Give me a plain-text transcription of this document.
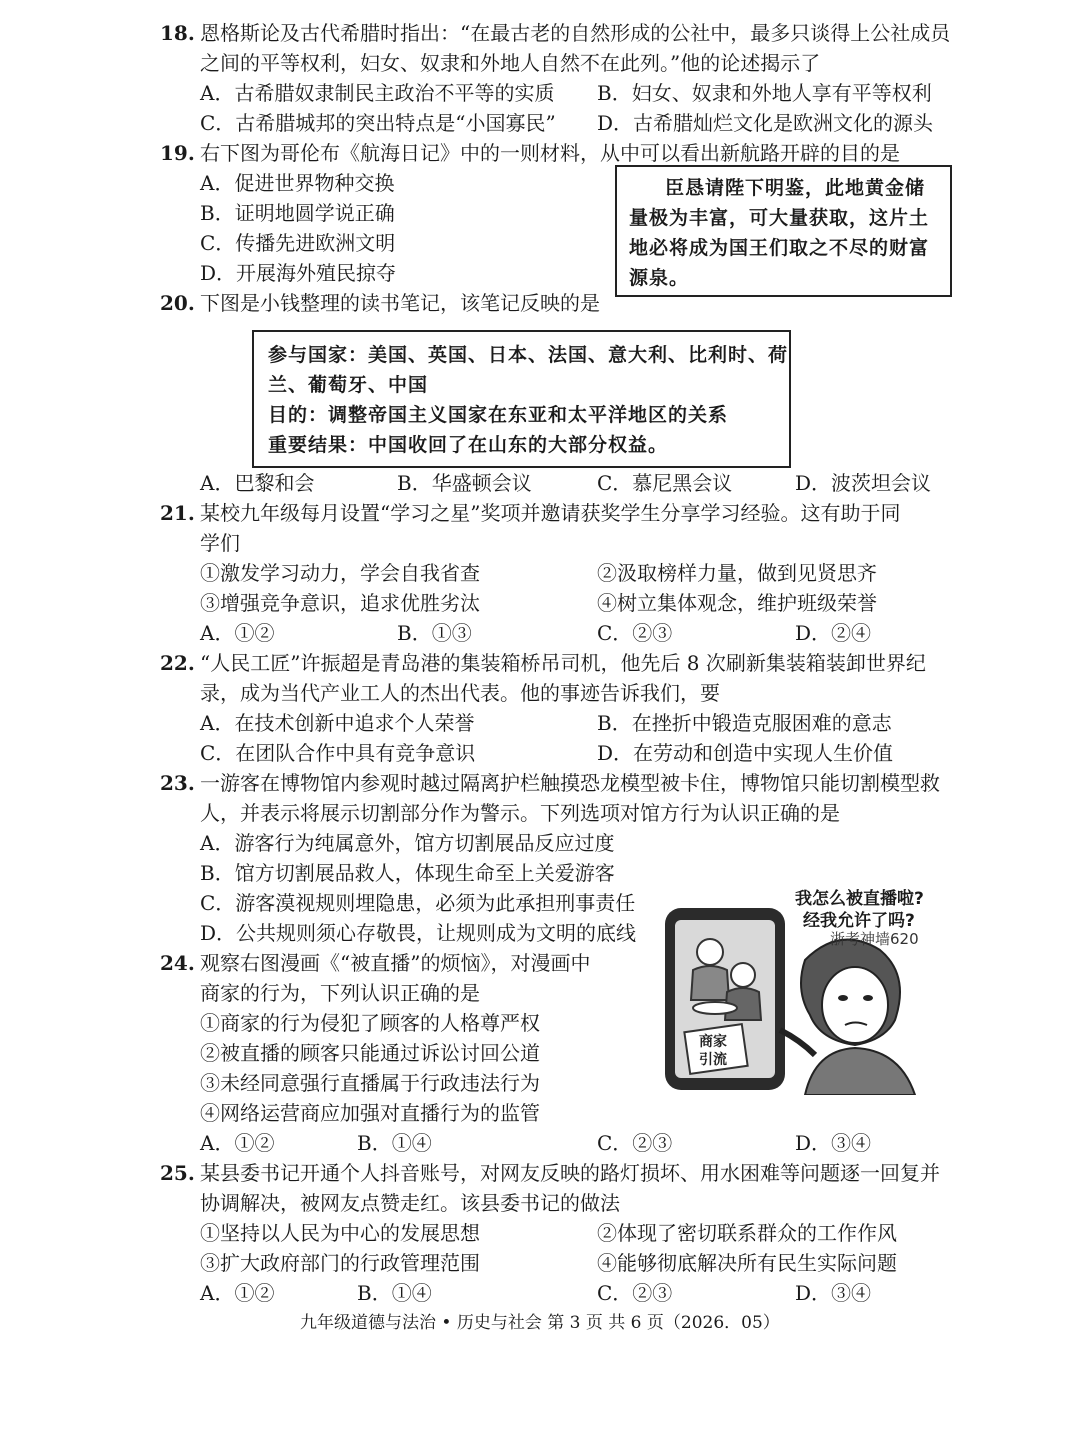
18. 恩格斯论及古代希腊时指出：“在最古老的自然形成的公社中，最多只谈得上公社成员
之间的平等权利，妇女、奴隶和外地人自然不在此列。”他的论述揭示了
A．古希腊奴隶制民主政治不平等的实质 B．妇女、奴隶和外地人享有平等权利
C．古希腊城邦的突出特点是“小国寡民” D．古希腊灿烂文化是欧洲文化的源头
19. 右下图为哥伦布《航海日记》中的一则材料，从中可以看出新航路开辟的目的是
A．促进世界物种交换
B．证明地圆学说正确
C．传播先进欧洲文明
D．开展海外殖民掠夺
臣恳请陛下明鉴，此地黄金储
量极为丰富，可大量获取，这片土
地必将成为国王们取之不尽的财富
源泉。
20. 下图是小钱整理的读书笔记，该笔记反映的是
参与国家：美国、英国、日本、法国、意大利、比利时、荷
兰、葡萄牙、中国
目的：调整帝国主义国家在东亚和太平洋地区的关系
重要结果：中国收回了在山东的大部分权益。
A．巴黎和会	B．华盛顿会议	C．慕尼黑会议	D．波茨坦会议
21. 某校九年级每月设置“学习之星”奖项并邀请获奖学生分享学习经验。这有助于同
学们
①激发学习动力，学会自我省查	②汲取榜样力量，做到见贤思齐
③增强竞争意识，追求优胜劣汰	④树立集体观念，维护班级荣誉
A．①②	B．①③	C．②③	D．②④
22. “人民工匠”许振超是青岛港的集装箱桥吊司机，他先后 8 次刷新集装箱装卸世界纪
录，成为当代产业工人的杰出代表。他的事迹告诉我们，要
A．在技术创新中追求个人荣誉	B．在挫折中锻造克服困难的意志
C．在团队合作中具有竞争意识	D．在劳动和创造中实现人生价值
23. 一游客在博物馆内参观时越过隔离护栏触摸恐龙模型被卡住，博物馆只能切割模型救
人，并表示将展示切割部分作为警示。下列选项对馆方行为认识正确的是
A．游客行为纯属意外，馆方切割展品反应过度
B．馆方切割展品救人，体现生命至上关爱游客
C．游客漠视规则埋隐患，必须为此承担刑事责任
D．公共规则须心存敬畏，让规则成为文明的底线
24. 观察右图漫画《“被直播”的烦恼》，对漫画中
商家的行为，下列认识正确的是
①商家的行为侵犯了顾客的人格尊严权
②被直播的顾客只能通过诉讼讨回公道
③未经同意强行直播属于行政违法行为
④网络运营商应加强对直播行为的监管
A．①②	B．①④	C．②③	D．③④
商家
引流
我怎么被直播啦?
经我允许了吗?
浙考神墙620
25. 某县委书记开通个人抖音账号，对网友反映的路灯损坏、用水困难等问题逐一回复并
协调解决，被网友点赞走红。该县委书记的做法
①坚持以人民为中心的发展思想	②体现了密切联系群众的工作作风
③扩大政府部门的行政管理范围	④能够彻底解决所有民生实际问题
A．①②	B．①④	C．②③	D．③④
九年级道德与法治 • 历史与社会 第 3 页 共 6 页（2026．05）
